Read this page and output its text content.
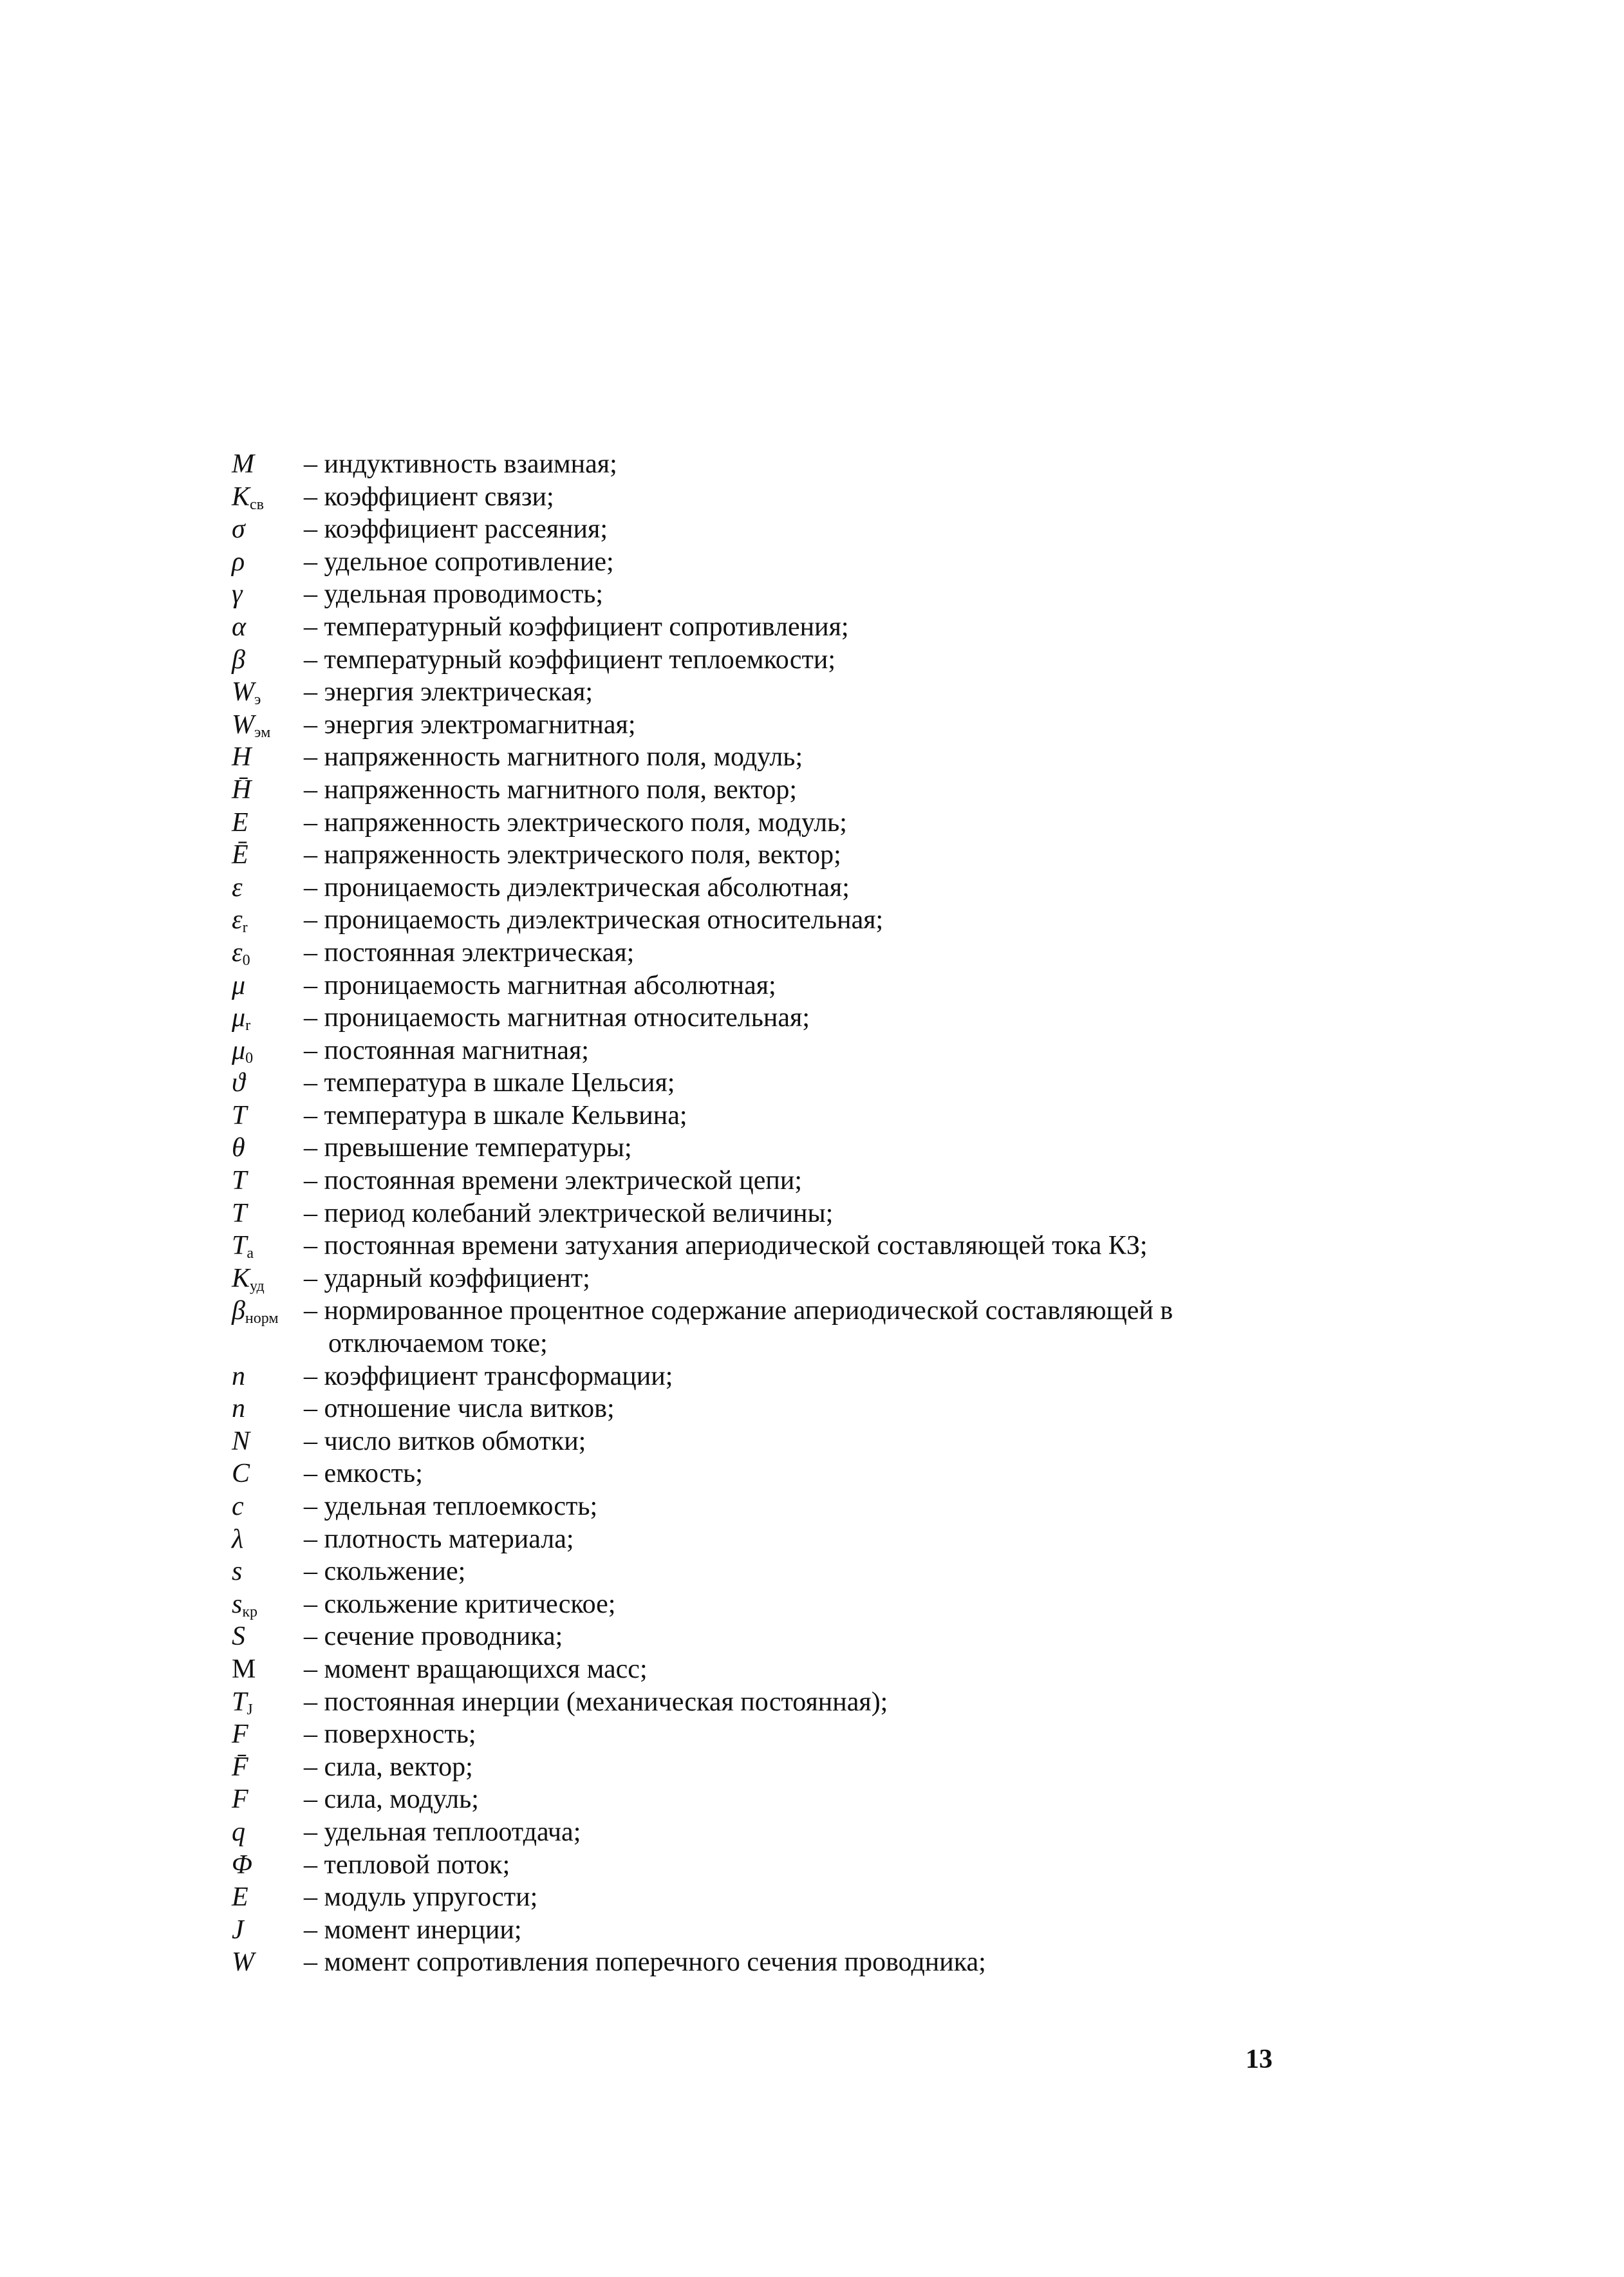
M	– индуктивность взаимная;
$K_{св}$	– коэффициент связи;
σ	– коэффициент рассеяния;
ρ	– удельное сопротивление;
γ	– удельная проводимость;
α	– температурный коэффициент сопротивления;
β	– температурный коэффициент теплоемкости;
$W_э$	– энергия электрическая;
$W_{эм}$	– энергия электромагнитная;
H	– напряженность магнитного поля, модуль;
H̄	– напряженность магнитного поля, вектор;
E	– напряженность электрического поля, модуль;
Ē	– напряженность электрического поля, вектор;
ε	– проницаемость диэлектрическая абсолютная;
$\varepsilon_r$	– проницаемость диэлектрическая относительная;
$\varepsilon_0$	– постоянная электрическая;
μ	– проницаемость магнитная абсолютная;
$\mu_r$	– проницаемость магнитная относительная;
$\mu_0$	– постоянная магнитная;
ϑ	– температура в шкале Цельсия;
T	– температура в шкале Кельвина;
θ	– превышение температуры;
T	– постоянная времени электрической цепи;
T	– период колебаний электрической величины;
$T_а$	– постоянная времени затухания апериодической составляющей тока КЗ;
$K_{уд}$	– ударный коэффициент;
$\beta_{норм}$ – нормированное процентное содержание апериодической составляющей в
отключаемом токе;
n	– коэффициент трансформации;
n	– отношение числа витков;
N	– число витков обмотки;
C	– емкость;
c	– удельная теплоемкость;
λ	– плотность материала;
s	– скольжение;
$s_{кр}$	– скольжение критическое;
S	– сечение проводника;
M	– момент вращающихся масс;
$T_J$	– постоянная инерции (механическая постоянная);
F	– поверхность;
F̄	– сила, вектор;
F	– сила, модуль;
q	– удельная теплоотдача;
Φ	– тепловой поток;
E	– модуль упругости;
J	– момент инерции;
W	– момент сопротивления поперечного сечения проводника;
13
